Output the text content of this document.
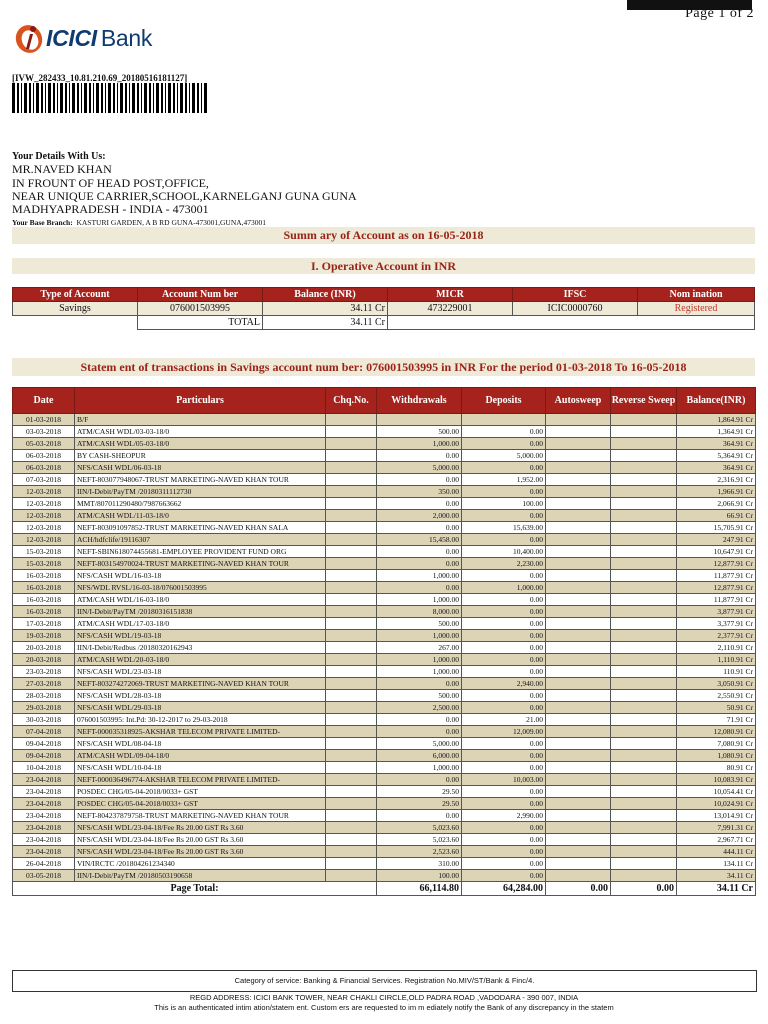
Page 1 of 2
ICICI Bank
[IVW_282433_10.81.210.69_20180516181127]
Your Details With Us:
MR.NAVED KHAN
IN FROUNT OF HEAD POST,OFFICE,
NEAR UNIQUE CARRIER,SCHOOL,KARNELGANJ GUNA GUNA
MADHYAPRADESH - INDIA - 473001
Your Base Branch: KASTURI GARDEN, A B RD GUNA-473001,GUNA,473001
Summ ary of Account as on 16-05-2018
I. Operative Account in INR
Type of Account	Account Num ber	Balance (INR)	MICR	IFSC	Nom ination
Savings	076001503995	34.11 Cr	473229001	ICIC0000760	Registered
	TOTAL	34.11 Cr			
Statem ent of transactions in Savings account num ber: 076001503995 in INR For the period 01-03-2018 To 16-05-2018
Date	Particulars	Chq.No.	Withdrawals	Deposits	Autosweep	Reverse Sweep	Balance(INR)
01-03-2018	B/F						1,864.91 Cr
03-03-2018	ATM/CASH WDL/03-03-18/0		500.00	0.00			1,364.91 Cr
05-03-2018	ATM/CASH WDL/05-03-18/0		1,000.00	0.00			364.91 Cr
06-03-2018	BY CASH-SHEOPUR		0.00	5,000.00			5,364.91 Cr
06-03-2018	NFS/CASH WDL/06-03-18		5,000.00	0.00			364.91 Cr
07-03-2018	NEFT-803077948067-TRUST MARKETING-NAVED KHAN TOUR		0.00	1,952.00			2,316.91 Cr
12-03-2018	IIN/I-Debit/PayTM /20180311112730		350.00	0.00			1,966.91 Cr
12-03-2018	MMT/807011290480/7987663662		0.00	100.00			2,066.91 Cr
12-03-2018	ATM/CASH WDL/11-03-18/0		2,000.00	0.00			66.91 Cr
12-03-2018	NEFT-803091097852-TRUST MARKETING-NAVED KHAN SALA		0.00	15,639.00			15,705.91 Cr
12-03-2018	ACH/hdfclife/19116307		15,458.00	0.00			247.91 Cr
15-03-2018	NEFT-SBIN618074455681-EMPLOYEE PROVIDENT FUND ORG		0.00	10,400.00			10,647.91 Cr
15-03-2018	NEFT-803154970024-TRUST MARKETING-NAVED KHAN TOUR		0.00	2,230.00			12,877.91 Cr
16-03-2018	NFS/CASH WDL/16-03-18		1,000.00	0.00			11,877.91 Cr
16-03-2018	NFS/WDL RVSL/16-03-18/076001503995		0.00	1,000.00			12,877.91 Cr
16-03-2018	ATM/CASH WDL/16-03-18/0		1,000.00	0.00			11,877.91 Cr
16-03-2018	IIN/I-Debit/PayTM /20180316151838		8,000.00	0.00			3,877.91 Cr
17-03-2018	ATM/CASH WDL/17-03-18/0		500.00	0.00			3,377.91 Cr
19-03-2018	NFS/CASH WDL/19-03-18		1,000.00	0.00			2,377.91 Cr
20-03-2018	IIN/I-Debit/Redbus /20180320162943		267.00	0.00			2,110.91 Cr
20-03-2018	ATM/CASH WDL/20-03-18/0		1,000.00	0.00			1,110.91 Cr
23-03-2018	NFS/CASH WDL/23-03-18		1,000.00	0.00			110.91 Cr
27-03-2018	NEFT-803274272069-TRUST MARKETING-NAVED KHAN TOUR		0.00	2,940.00			3,050.91 Cr
28-03-2018	NFS/CASH WDL/28-03-18		500.00	0.00			2,550.91 Cr
29-03-2018	NFS/CASH WDL/29-03-18		2,500.00	0.00			50.91 Cr
30-03-2018	076001503995: Int.Pd: 30-12-2017 to 29-03-2018		0.00	21.00			71.91 Cr
07-04-2018	NEFT-000035318925-AKSHAR TELECOM PRIVATE LIMITED-		0.00	12,009.00			12,080.91 Cr
09-04-2018	NFS/CASH WDL/08-04-18		5,000.00	0.00			7,080.91 Cr
09-04-2018	ATM/CASH WDL/09-04-18/0		6,000.00	0.00			1,080.91 Cr
10-04-2018	NFS/CASH WDL/10-04-18		1,000.00	0.00			80.91 Cr
23-04-2018	NEFT-000036496774-AKSHAR TELECOM PRIVATE LIMITED-		0.00	10,003.00			10,083.91 Cr
23-04-2018	POSDEC CHG/05-04-2018/0033+ GST		29.50	0.00			10,054.41 Cr
23-04-2018	POSDEC CHG/05-04-2018/0033+ GST		29.50	0.00			10,024.91 Cr
23-04-2018	NEFT-804237879758-TRUST MARKETING-NAVED KHAN TOUR		0.00	2,990.00			13,014.91 Cr
23-04-2018	NFS/CASH WDL/23-04-18/Fee Rs 20.00 GST Rs 3.60		5,023.60	0.00			7,991.31 Cr
23-04-2018	NFS/CASH WDL/23-04-18/Fee Rs 20.00 GST Rs 3.60		5,023.60	0.00			2,967.71 Cr
23-04-2018	NFS/CASH WDL/23-04-18/Fee Rs 20.00 GST Rs 3.60		2,523.60	0.00			444.11 Cr
26-04-2018	VIN/IRCTC /201804261234340		310.00	0.00			134.11 Cr
03-05-2018	IIN/I-Debit/PayTM /20180503190658		100.00	0.00			34.11 Cr
Page Total:			66,114.80	64,284.00	0.00	0.00	34.11 Cr
Category of service: Banking & Financial Services. Registration No.MIV/ST/Bank & Finc/4.
REGD ADDRESS: ICICI BANK TOWER, NEAR CHAKLI CIRCLE,OLD PADRA ROAD ,VADODARA - 390 007, INDIA
This is an authenticated intim ation/statem ent. Custom ers are requested to im m ediately notify the Bank of any discrepancy in the statem
